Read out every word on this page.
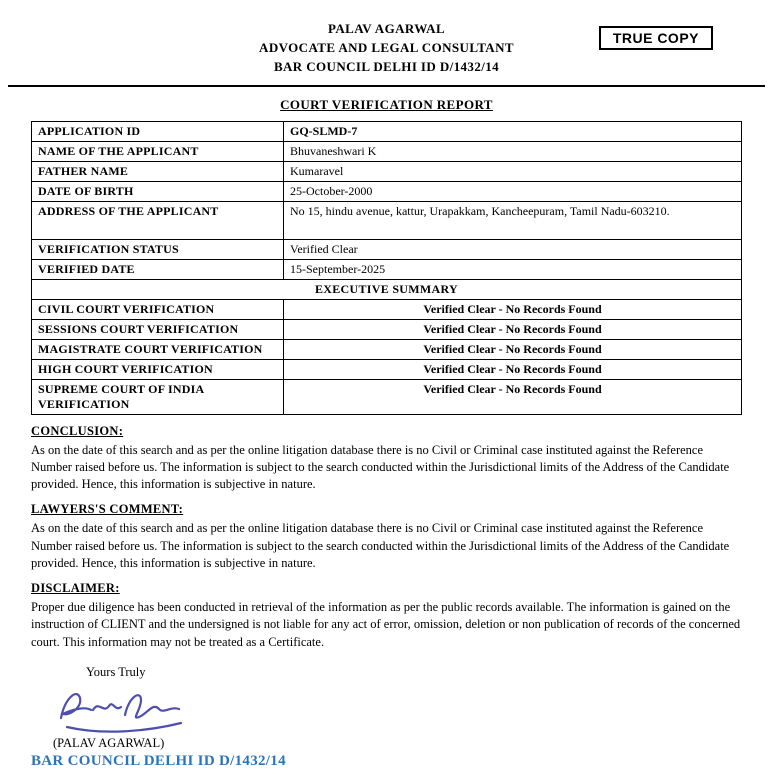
TRUE COPY
PALAV AGARWAL
ADVOCATE AND LEGAL CONSULTANT
BAR COUNCIL DELHI ID D/1432/14
COURT VERIFICATION REPORT
APPLICATION ID	GQ-SLMD-7
NAME OF THE APPLICANT	Bhuvaneshwari K
FATHER NAME	Kumaravel
DATE OF BIRTH	25-October-2000
ADDRESS OF THE APPLICANT	No 15, hindu avenue, kattur, Urapakkam, Kancheepuram, Tamil Nadu-603210.
VERIFICATION STATUS	Verified Clear
VERIFIED DATE	15-September-2025
EXECUTIVE SUMMARY	
CIVIL COURT VERIFICATION	Verified Clear - No Records Found
SESSIONS COURT VERIFICATION	Verified Clear - No Records Found
MAGISTRATE COURT VERIFICATION	Verified Clear - No Records Found
HIGH COURT VERIFICATION	Verified Clear - No Records Found
SUPREME COURT OF INDIA VERIFICATION	Verified Clear - No Records Found
CONCLUSION:
As on the date of this search and as per the online litigation database there is no Civil or Criminal case instituted against the Reference Number raised before us. The information is subject to the search conducted within the Jurisdictional limits of the Address of the Candidate provided. Hence, this information is subjective in nature.
LAWYERS'S COMMENT:
As on the date of this search and as per the online litigation database there is no Civil or Criminal case instituted against the Reference Number raised before us. The information is subject to the search conducted within the Jurisdictional limits of the Address of the Candidate provided. Hence, this information is subjective in nature.
DISCLAIMER:
Proper due diligence has been conducted in retrieval of the information as per the public records available. The information is gained on the instruction of CLIENT and the undersigned is not liable for any act of error, omission, deletion or non publication of records of the concerned court. This information may not be treated as a Certificate.
Yours Truly
(PALAV AGARWAL)
BAR COUNCIL DELHI ID D/1432/14
